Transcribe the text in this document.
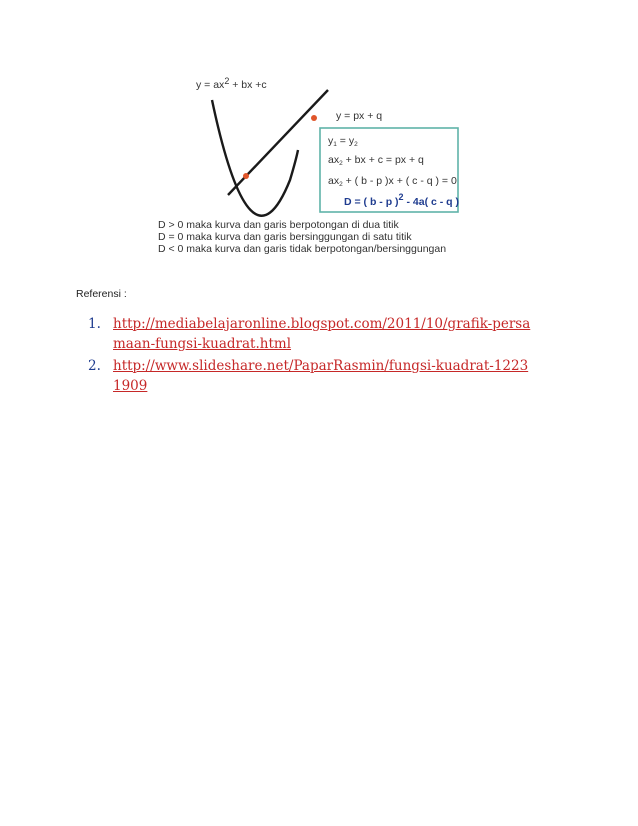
y = ax2 + bx +c
y = px + q
y1 = y2
ax2 + bx + c = px + q
ax2 + ( b - p )x + ( c - q ) = 0
D = ( b - p )2 - 4a( c - q )
D > 0 maka kurva dan garis berpotongan di dua titik
D = 0 maka kurva dan garis bersinggungan di satu titik
D < 0 maka kurva dan garis tidak berpotongan/bersinggungan
Referensi :
1. http://mediabelajaronline.blogspot.com/2011/10/grafik-persamaan-fungsi-kuadrat.html
2. http://www.slideshare.net/PaparRasmin/fungsi-kuadrat-12231909
